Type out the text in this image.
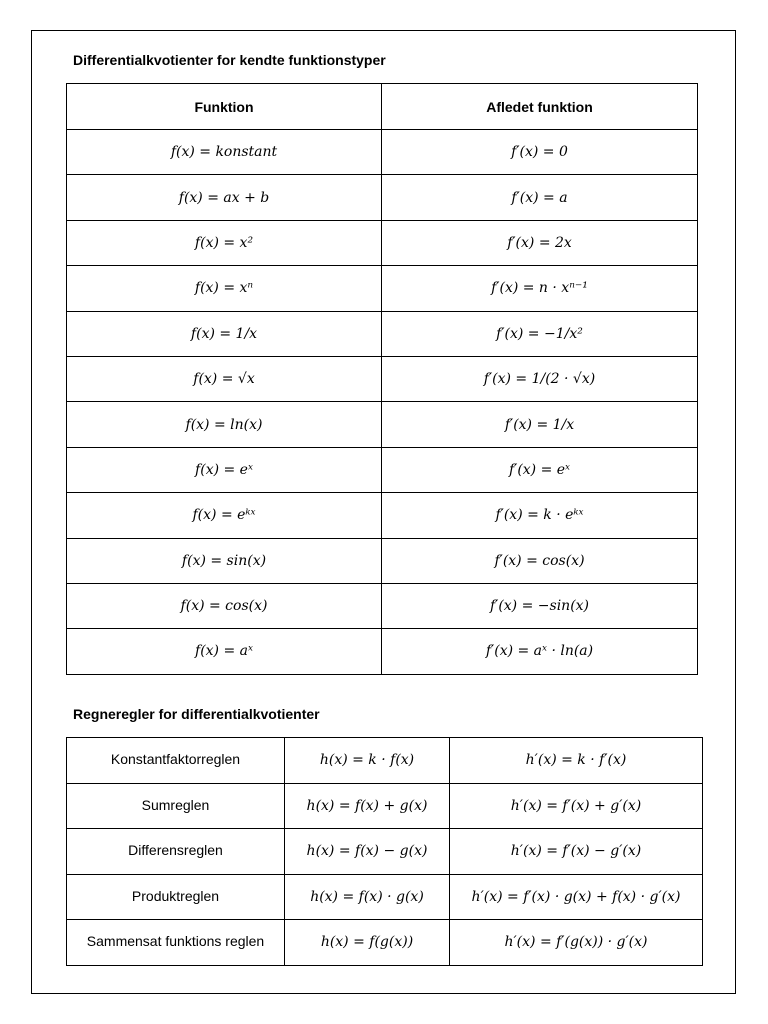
Differentialkvotienter for kendte funktionstyper
Funktion	Afledet funktion
f(x) = konstant	f′(x) = 0
f(x) = ax + b	f′(x) = a
f(x) = x²	f′(x) = 2x
f(x) = xⁿ	f′(x) = n · xⁿ⁻¹
f(x) = 1/x	f′(x) = −1/x²
f(x) = √x	f′(x) = 1/(2 · √x)
f(x) = ln(x)	f′(x) = 1/x
f(x) = eˣ	f′(x) = eˣ
f(x) = eᵏˣ	f′(x) = k · eᵏˣ
f(x) = sin(x)	f′(x) = cos(x)
f(x) = cos(x)	f′(x) = −sin(x)
f(x) = aˣ	f′(x) = aˣ · ln(a)
Regneregler for differentialkvotienter
Konstantfaktorreglen	h(x) = k · f(x)	h′(x) = k · f′(x)
Sumreglen	h(x) = f(x) + g(x)	h′(x) = f′(x) + g′(x)
Differensreglen	h(x) = f(x) − g(x)	h′(x) = f′(x) − g′(x)
Produktreglen	h(x) = f(x) · g(x)	h′(x) = f′(x) · g(x) + f(x) · g′(x)
Sammensat funktions reglen	h(x) = f(g(x))	h′(x) = f′(g(x)) · g′(x)
